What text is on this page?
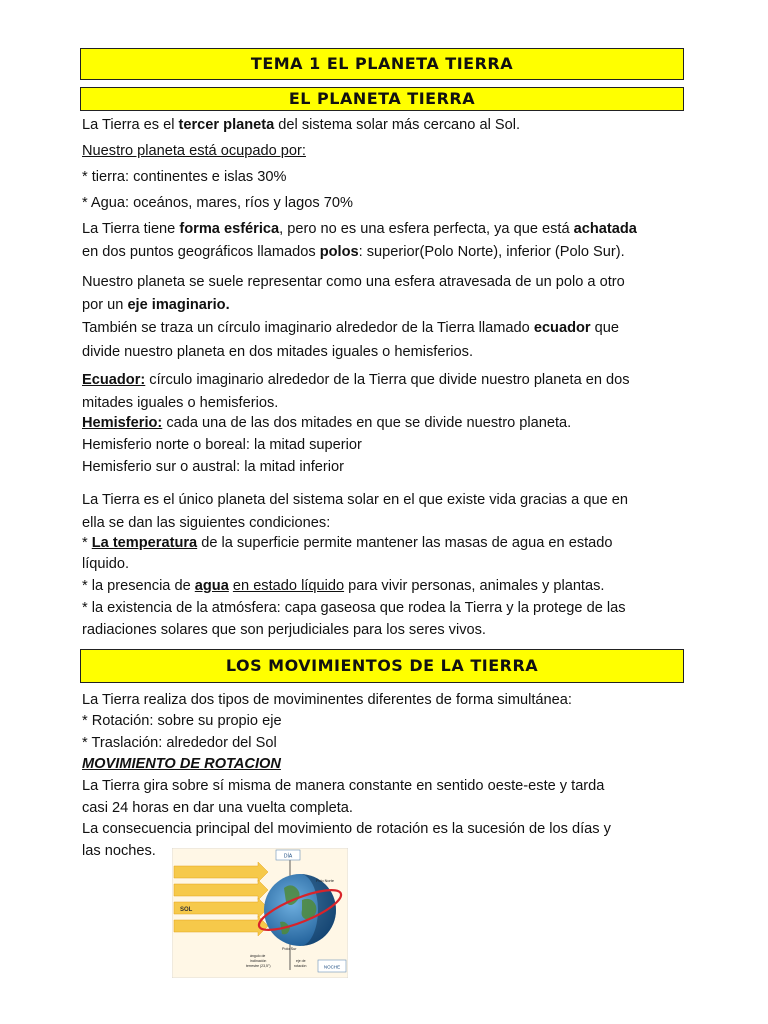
TEMA 1 EL PLANETA TIERRA
EL PLANETA TIERRA

La Tierra es el tercer planeta del sistema solar más cercano al Sol.

Nuestro planeta está ocupado por:

* tierra: continentes e islas 30%

* Agua: oceános, mares, ríos y lagos 70%

La Tierra tiene forma esférica, pero no es una esfera perfecta, ya que está achatada

en dos puntos geográficos llamados polos: superior(Polo Norte), inferior (Polo Sur).

Nuestro planeta se suele representar como una esfera atravesada de un polo a otro

por un eje imaginario.

También se traza un círculo imaginario alrededor de la Tierra llamado ecuador que

divide nuestro planeta en dos mitades iguales o hemisferios.

Ecuador: círculo imaginario alrededor de la Tierra que divide nuestro planeta en dos

mitades iguales o hemisferios.

Hemisferio: cada una de las dos mitades en que se divide nuestro planeta.

Hemisferio norte o boreal: la mitad superior

Hemisferio sur o austral: la mitad inferior

La Tierra es el único planeta del sistema solar en el que existe vida gracias a que en

ella se dan las siguientes condiciones:

* La temperatura de la superficie permite mantener las masas de agua en estado

líquido.

* la presencia de agua en estado líquido para vivir personas, animales y plantas.

* la existencia de la atmósfera: capa gaseosa que rodea la Tierra y la protege de las

radiaciones solares que son perjudiciales para los seres vivos.

LOS MOVIMIENTOS DE LA TIERRA

La Tierra realiza dos tipos de moviminentes diferentes de forma simultánea:

* Rotación: sobre su propio eje

* Traslación: alrededor del Sol

MOVIMIENTO DE ROTACION

La Tierra gira sobre sí misma de manera constante en sentido oeste-este y tarda

casi 24 horas en dar una vuelta completa.

La consecuencia principal del movimiento de rotación es la sucesión de los días y

las noches.

SOL
DÍA
NOCHE
Polo Norte
Polo Sur
ángulo de
inclinación
terrestre (23,5°)
eje de
rotación
